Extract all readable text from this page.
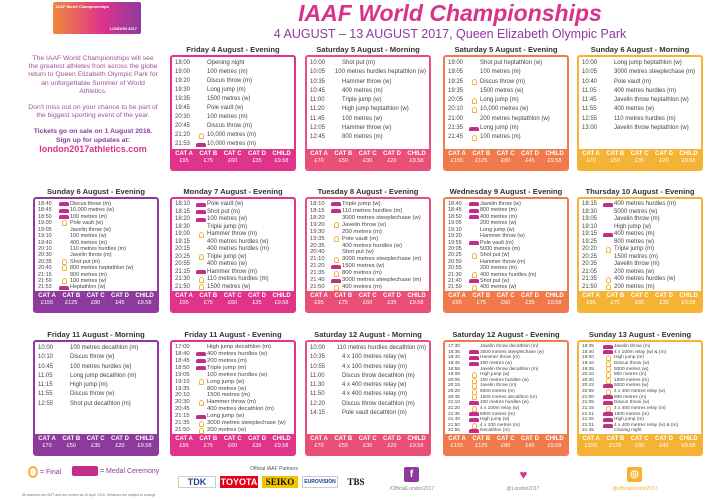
IAAF World Championships
LONDON 2017
IAAF World Championships
4 AUGUST – 13 AUGUST 2017, Queen Elizabeth Olympic Park

The IAAF World Championships will see the greatest athletes from across the globe return to Queen Elizabeth Olympic Park for an unforgettable Summer of World Athletics.

Don't miss out on your chance to be part of the biggest sporting event of the year.

Tickets go on sale on 1 August 2016. Sign up for updates at:

london2017athletics.com
Friday 4 August - Evening
18:00	Opening night
19:00	100 metres (m)
19:20	Discus throw (m)
19:30	Long jump (m)
19:35	1500 metres (w)
19:45	Pole vault (w)
20:30	100 metres (m)
20:45	Discus throw (m)
21:20	10,000 metres (m)
21:53	10,000 metres (m)
CAT A
£95
CAT B
£75
CAT C
£60
CAT D
£35
CHILD
£9.58
Saturday 5 August - Morning
10:00	Shot put (m)
10:05 100 metres hurdles heptathlon (w)
10:35	Hammer throw (w)
10:45	400 metres (m)
11:00	Triple jump (w)
11:20	High jump heptathlon (w)
11:45	100 metres (w)
12:05	Hammer throw (w)
12:45	800 metres (m)
CAT A
£70
CAT B
£50
CAT C
£30
CAT D
£20
CHILD
£9.58
Saturday 5 August - Evening
19:00	Shot put heptathlon (w)
19:05	100 metres (m)
19:25	Discus throw (m)
19:35	1500 metres (w)
20:05	Long jump (m)
20:10	10,000 metres (w)
21:00	200 metres heptathlon (w)
21:35	Long jump (m)
21:45	100 metres (m)
CAT A
£155
CAT B
£125
CAT C
£80
CAT D
£45
CHILD
£9.58
Sunday 6 August - Morning
10:00	Long jump heptathlon (w)
10:05	3000 metres steeplechase (m)
10:40	Pole vault (m)
11:05	400 metres hurdles (m)
11:45	Javelin throw heptathlon (w)
11:55	400 metres (w)
12:55	110 metres hurdles (m)
13:00	Javelin throw heptathlon (w)
CAT A
£70
CAT B
£50
CAT C
£35
CAT D
£20
CHILD
£9.58
Sunday 6 August - Evening
18:40	Discus throw (m)
18:45	10,000 metres (w)
18:50	100 metres (m)
19:00	Pole vault (w)
19:05	Javelin throw (w)
19:10	100 metres (w)
19:40	400 metres (m)
20:10	110 metres hurdles (m)
20:30	Javelin throw (m)
20:35	Shot put (m)
20:40	800 metres heptathlon (w)
21:15	800 metres (m)
21:50	100 metres (w)
21:53	Heptathlon (w)
CAT A
£155
CAT B
£125
CAT C
£80
CAT D
£45
CHILD
£9.58
Monday 7 August - Evening
18:10	Pole vault (w)
18:15	Shot put (m)
18:20	100 metres (w)
18:30	Triple jump (m)
19:00	Hammer throw (m)
19:15	400 metres hurdles (w)
20:15	400 metres hurdles (m)
20:25	Triple jump (w)
20:55	400 metres (w)
21:15	Hammer throw (m)
21:30	110 metres hurdles (m)
21:50	1500 metres (w)
CAT A
£95
CAT B
£75
CAT C
£60
CAT D
£35
CHILD
£9.58
Tuesday 8 August - Evening
18:10	Triple jump (w)
18:15	110 metres hurdles (m)
18:20	3000 metres steeplechase (w)
19:20	Javelin throw (w)
19:30	200 metres (m)
19:35	Pole vault (m)
20:35	400 metres hurdles (w)
20:40	Shot put (w)
21:10	3000 metres steeplechase (m)
21:20	1500 metres (w)
21:35	800 metres (m)
21:40	3000 metres steeplechase (m)
21:50	400 metres (m)
CAT A
£95
CAT B
£75
CAT C
£60
CAT D
£35
CHILD
£9.58
Wednesday 9 August - Evening
18:40	Javelin throw (w)
18:45	800 metres (m)
18:50	400 metres (m)
19:05	200 metres (w)
19:10	Long jump (w)
19:20	Hammer throw (w)
19:55	Pole vault (m)
20:05	5000 metres (m)
20:25	Shot put (w)
20:50	Hammer throw (m)
20:55	200 metres (m)
21:30	400 metres hurdles (m)
21:40	Shot put (w)
21:50	400 metres (w)
CAT A
£95
CAT B
£75
CAT C
£60
CAT D
£35
CHILD
£9.58
Thursday 10 August - Evening
18:15	400 metres hurdles (m)
18:30	5000 metres (w)
19:05	Javelin throw (m)
19:10	High jump (w)
19:15	400 metres (m)
19:25	800 metres (w)
20:20	Triple jump (m)
20:25	1500 metres (m)
20:35	Javelin throw (m)
21:05	200 metres (w)
21:35	400 metres hurdles (w)
21:50	200 metres (m)
CAT A
£95
CAT B
£75
CAT C
£60
CAT D
£35
CHILD
£9.58
Friday 11 August - Morning
10:00	100 metres decathlon (m)
10:10	Discus throw (w)
10:45	100 metres hurdles (w)
11:05	Long jump decathlon (m)
11:15	High jump (m)
11:55	Discus throw (w)
12:55	Shot put decathlon (m)
CAT A
£70
CAT B
£50
CAT C
£35
CAT D
£20
CHILD
£9.58
Friday 11 August - Evening
17:00	High jump decathlon (m)
18:40	400 metres hurdles (w)
18:45	200 metres (m)
18:50	Triple jump (m)
19:05	100 metres hurdles (w)
19:10	Long jump (w)
19:35	800 metres (w)
20:10	1500 metres (m)
20:30	Hammer throw (m)
20:45	400 metres decathlon (m)
21:15	Long jump (w)
21:35	3000 metres steeplechase (w)
21:50	200 metres (w)
CAT A
£95
CAT B
£75
CAT C
£60
CAT D
£35
CHILD
£9.58
Saturday 12 August - Morning
10:00 110 metres hurdles decathlon (m)
10:35	4 x 100 metres relay (w)
10:55	4 x 100 metres relay (m)
11:00	Discus throw decathlon (m)
11:30	4 x 400 metres relay (w)
11:50	4 x 400 metres relay (m)
12:20	Discus throw decathlon (m)
14:15	Pole vault decathlon (m)
CAT A
£70
CAT B
£50
CAT C
£30
CAT D
£20
CHILD
£9.58
Saturday 12 August - Evening
17:30	Javelin throw decathlon (m)
18:35	3000 metres steeplechase (w)
18:40	Hammer throw (m)
18:45	200 metres (w)
18:55	Javelin throw decathlon (m)
19:05	High jump (w)
20:05	100 metres hurdles (w)
20:15	Javelin throw (m)
20:20	5000 metres (m)
20:45	1500 metres decathlon (m)
21:10	100 metres hurdles (w)
21:20	4 x 100m relay (w)
21:35	5000 metres (m)
21:40	High jump (w)
21:50	4 x 100 metres (m)
21:55	Decathlon (m)
CAT A
£155
CAT B
£125
CAT C
£80
CAT D
£45
CHILD
£9.58
Sunday 13 August - Evening
18:35	Javelin throw (m)
18:40	4 x 100m relay (w) & (m)
19:00	High jump (m)
19:10	Discus throw (w)
19:35	5000 metres (w)
20:10	800 metres (m)
20:30	1500 metres (m)
20:42	5000 metres (w)
20:55	4 x 400 metres relay (w)
21:00	800 metres (m)
21:05	Discus throw (w)
21:15	4 x 400 metres relay (m)
21:21	1500 metres (m)
21:26	High jump (m)
21:31	4 x 400 metres relay (w) & (m)
21:45	Closing night
CAT A
£155
CAT B
£125
CAT C
£80
CAT D
£45
CHILD
£9.58
= Final	= Medal Ceremony
All sessions are BST and are correct as 19 April 2016. Sessions are subject to change
Official IAAF Partners
TDK	TOYOTA SEIKO	EUROVISION	TBS
f
/OfficialLondon2017
♥
@London2017
◎
@officiallondon2017
